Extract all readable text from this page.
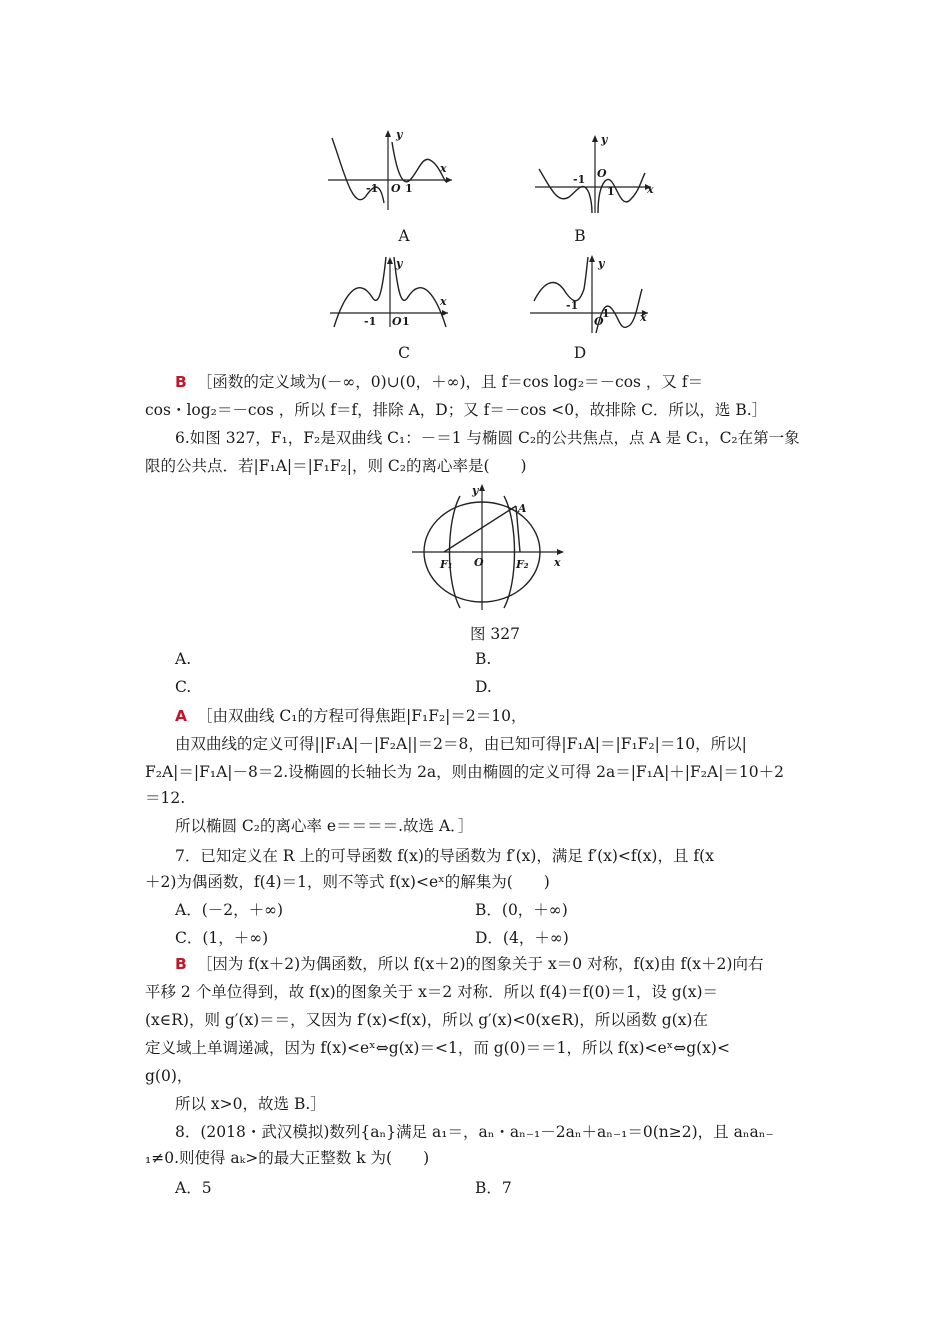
y
x
-1 O 1
A
y
x
-1 O
1
B
y
x
-1 O 1
C
y
x
-1
O
1
D
B ［函数的定义域为(－∞，0)∪(0，＋∞)，且 f＝cos log₂＝－cos ，又 f＝
cos・log₂＝－cos ，所以 f＝f，排除 A，D；又 f＝－cos <0，故排除 C．所以，选 B.］
6.如图 327，F₁，F₂是双曲线 C₁：－＝1 与椭圆 C₂的公共焦点，点 A 是 C₁，C₂在第一象
限的公共点．若|F₁A|＝|F₁F₂|，则 C₂的离心率是(　　)
y
x
A
O
F₁	F₂
图 327
A.	B.
C.	D.
A ［由双曲线 C₁的方程可得焦距|F₁F₂|＝2＝10，
由双曲线的定义可得||F₁A|－|F₂A||＝2＝8，由已知可得|F₁A|＝|F₁F₂|＝10，所以|
F₂A|＝|F₁A|－8＝2.设椭圆的长轴长为 2a，则由椭圆的定义可得 2a＝|F₁A|＋|F₂A|＝10＋2
＝12.
所以椭圆 C₂的离心率 e＝＝＝＝.故选 A．］
7．已知定义在 R 上的可导函数 f(x)的导函数为 f′(x)，满足 f′(x)<f(x)，且 f(x
＋2)为偶函数，f(4)＝1，则不等式 f(x)<eˣ的解集为(　　)
A．(－2，＋∞)	B．(0，＋∞)
C．(1，＋∞)	D．(4，＋∞)
B ［因为 f(x＋2)为偶函数，所以 f(x＋2)的图象关于 x＝0 对称，f(x)由 f(x＋2)向右
平移 2 个单位得到，故 f(x)的图象关于 x＝2 对称．所以 f(4)＝f(0)＝1，设 g(x)＝
(x∈R)，则 g′(x)＝＝，又因为 f′(x)<f(x)，所以 g′(x)<0(x∈R)，所以函数 g(x)在
定义域上单调递减，因为 f(x)<eˣ⇔g(x)＝<1，而 g(0)＝＝1，所以 f(x)<eˣ⇔g(x)<
g(0)，
所以 x>0，故选 B.］
8．(2018・武汉模拟)数列{aₙ}满足 a₁＝，aₙ・aₙ₋₁－2aₙ＋aₙ₋₁＝0(n≥2)，且 aₙaₙ₋
₁≠0.则使得 aₖ>的最大正整数 k 为(　　)
A．5	B．7
